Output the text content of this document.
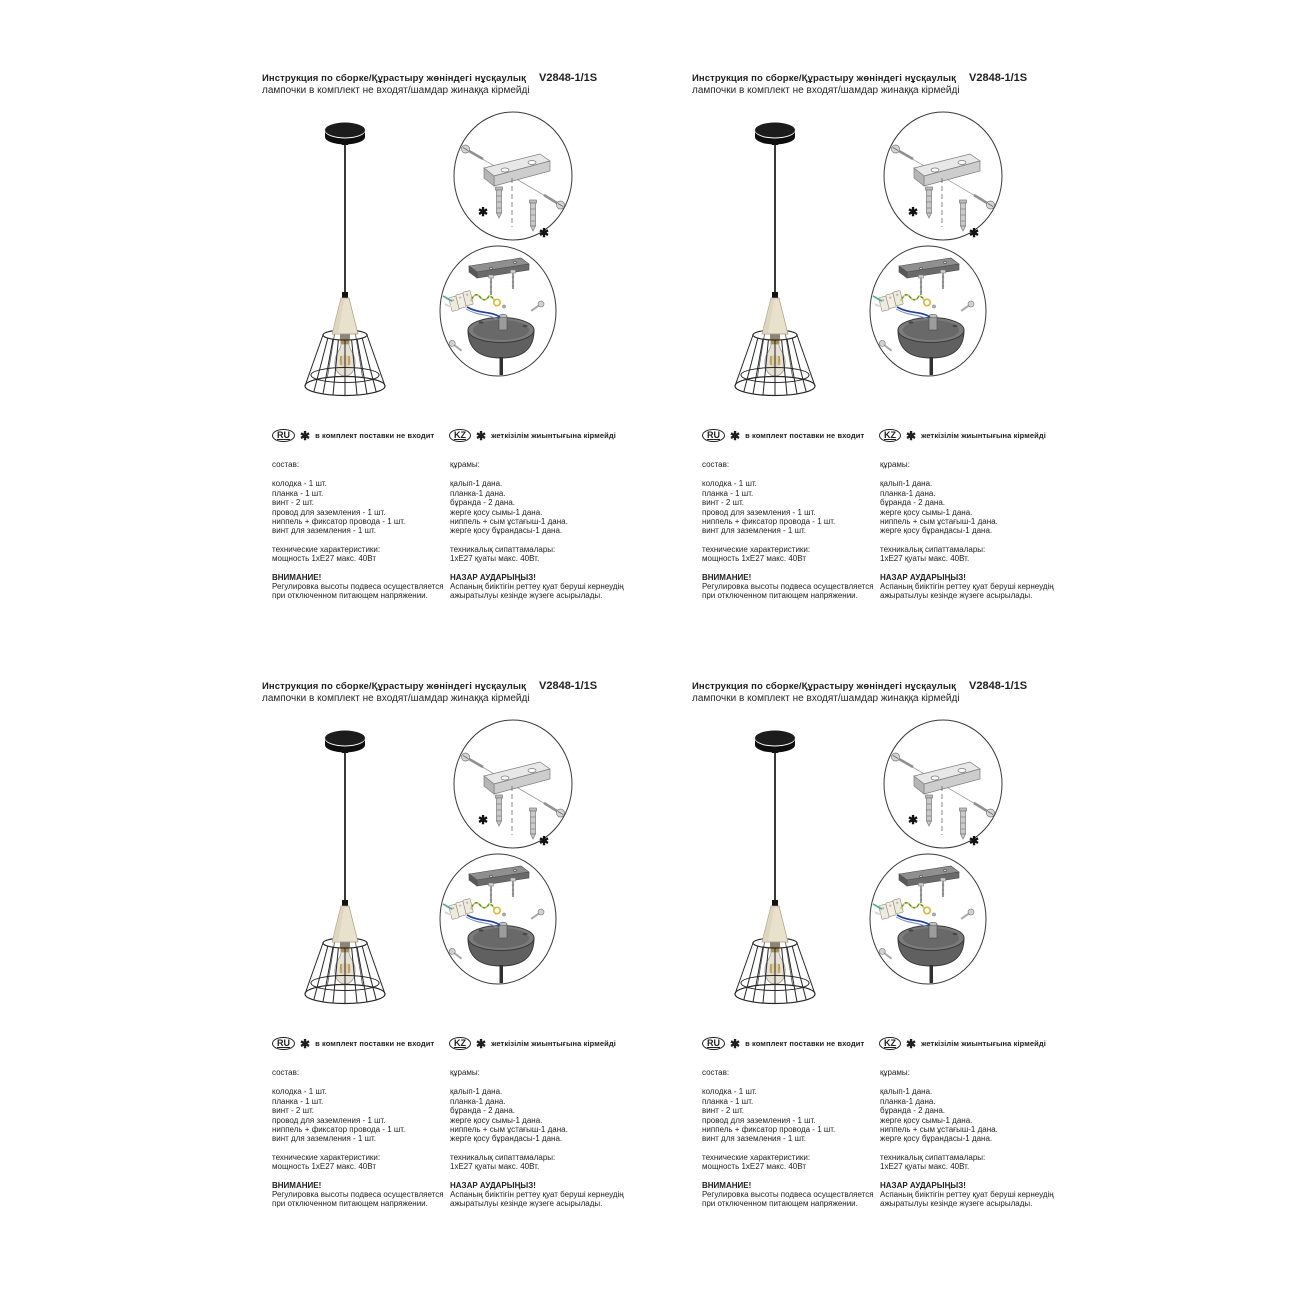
Инструкция по сборке/Құрастыру жөніндегі нұсқаулық V2848-1/1S
лампочки в комплект не входят/шамдар жинаққа кірмейді
✱
✱
RU ✱ в комплект поставки не входит	KZ ✱ жеткізілім жиынтығына кірмейді
состав:
колодка - 1 шт.
планка - 1 шт.
винт - 2 шт.
провод для заземления - 1 шт.
ниппель + фиксатор провода - 1 шт.
винт для заземления - 1 шт.
технические характеристики:
мощность 1хЕ27 макс. 40Вт
ВНИМАНИЕ!
Регулировка высоты подвеса осуществляется
при отключенном питающем напряжении.
құрамы:
қалып-1 дана.
планка-1 дана.
бұранда - 2 дана.
жерге қосу сымы-1 дана.
ниппель + сым ұстағыш-1 дана.
жерге қосу бұрандасы-1 дана.
техникалық сипаттамалары:
1хЕ27 қуаты макс. 40Вт.
НАЗАР АУДАРЫҢЫЗ!
Аспаның биіктігін реттеу қуат беруші кернеудің
ажыратылуы кезінде жүзеге асырылады.
Инструкция по сборке/Құрастыру жөніндегі нұсқаулық V2848-1/1S
лампочки в комплект не входят/шамдар жинаққа кірмейді
✱
✱
RU ✱ в комплект поставки не входит	KZ ✱ жеткізілім жиынтығына кірмейді
состав:
колодка - 1 шт.
планка - 1 шт.
винт - 2 шт.
провод для заземления - 1 шт.
ниппель + фиксатор провода - 1 шт.
винт для заземления - 1 шт.
технические характеристики:
мощность 1хЕ27 макс. 40Вт
ВНИМАНИЕ!
Регулировка высоты подвеса осуществляется
при отключенном питающем напряжении.
құрамы:
қалып-1 дана.
планка-1 дана.
бұранда - 2 дана.
жерге қосу сымы-1 дана.
ниппель + сым ұстағыш-1 дана.
жерге қосу бұрандасы-1 дана.
техникалық сипаттамалары:
1хЕ27 қуаты макс. 40Вт.
НАЗАР АУДАРЫҢЫЗ!
Аспаның биіктігін реттеу қуат беруші кернеудің
ажыратылуы кезінде жүзеге асырылады.
Инструкция по сборке/Құрастыру жөніндегі нұсқаулық V2848-1/1S
лампочки в комплект не входят/шамдар жинаққа кірмейді
✱
✱
RU ✱ в комплект поставки не входит	KZ ✱ жеткізілім жиынтығына кірмейді
состав:
колодка - 1 шт.
планка - 1 шт.
винт - 2 шт.
провод для заземления - 1 шт.
ниппель + фиксатор провода - 1 шт.
винт для заземления - 1 шт.
технические характеристики:
мощность 1хЕ27 макс. 40Вт
ВНИМАНИЕ!
Регулировка высоты подвеса осуществляется
при отключенном питающем напряжении.
құрамы:
қалып-1 дана.
планка-1 дана.
бұранда - 2 дана.
жерге қосу сымы-1 дана.
ниппель + сым ұстағыш-1 дана.
жерге қосу бұрандасы-1 дана.
техникалық сипаттамалары:
1хЕ27 қуаты макс. 40Вт.
НАЗАР АУДАРЫҢЫЗ!
Аспаның биіктігін реттеу қуат беруші кернеудің
ажыратылуы кезінде жүзеге асырылады.
Инструкция по сборке/Құрастыру жөніндегі нұсқаулық V2848-1/1S
лампочки в комплект не входят/шамдар жинаққа кірмейді
✱
✱
RU ✱ в комплект поставки не входит	KZ ✱ жеткізілім жиынтығына кірмейді
состав:
колодка - 1 шт.
планка - 1 шт.
винт - 2 шт.
провод для заземления - 1 шт.
ниппель + фиксатор провода - 1 шт.
винт для заземления - 1 шт.
технические характеристики:
мощность 1хЕ27 макс. 40Вт
ВНИМАНИЕ!
Регулировка высоты подвеса осуществляется
при отключенном питающем напряжении.
құрамы:
қалып-1 дана.
планка-1 дана.
бұранда - 2 дана.
жерге қосу сымы-1 дана.
ниппель + сым ұстағыш-1 дана.
жерге қосу бұрандасы-1 дана.
техникалық сипаттамалары:
1хЕ27 қуаты макс. 40Вт.
НАЗАР АУДАРЫҢЫЗ!
Аспаның биіктігін реттеу қуат беруші кернеудің
ажыратылуы кезінде жүзеге асырылады.
